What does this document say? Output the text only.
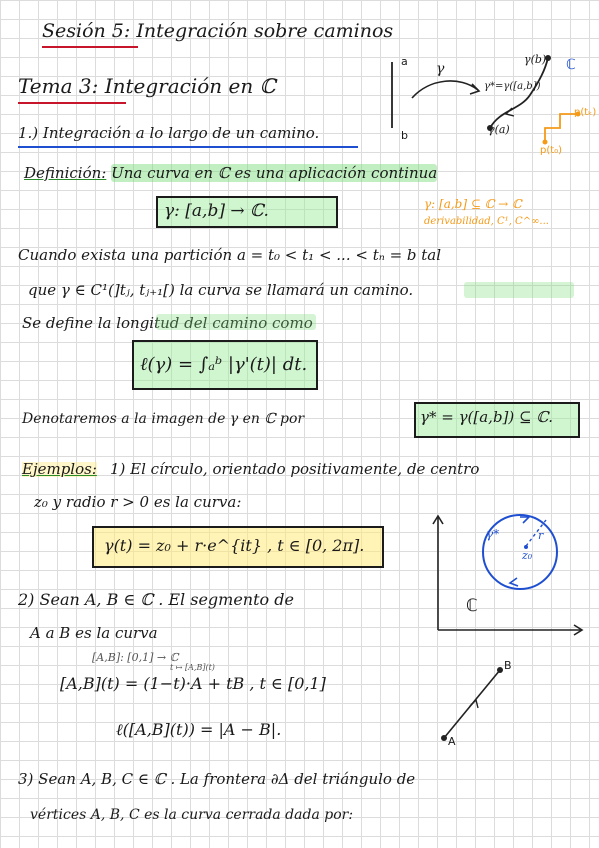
Sesión 5: Integración sobre caminos
Tema 3: Integración en ℂ
a
b
γ
γ(b) ℂ
γ*=γ([a,b])
γ(a)
p(tₖ)
p(t₀)
1.) Integración a lo largo de un camino.
Definición: Una curva en ℂ es una aplicación continua
γ: [a,b] → ℂ.	γ: [a,b] ⊆ ℂ → ℂ
derivabilidad, C¹, C^∞...
Cuando exista una partición a = t₀ < t₁ < ... < tₙ = b tal
que γ ∈ C¹(]tⱼ, tⱼ₊₁[) la curva se llamará un camino.
Se define la longitud del camino como
ℓ(γ) = ∫ₐᵇ |γ'(t)| dt.
Denotaremos a la imagen de γ en ℂ por	γ* = γ([a,b]) ⊆ ℂ.
Ejemplos: 1) El círculo, orientado positivamente, de centro
z₀ y radio r > 0 es la curva:
γ(t) = z₀ + r·e^{it} , t ∈ [0, 2π].
γ*	r
z₀
ℂ
2) Sean A, B ∈ ℂ . El segmento de
A a B es la curva
[A,B]: [0,1] → ℂ
t ↦ [A,B](t)
[A,B](t) = (1−t)·A + tB , t ∈ [0,1]
ℓ([A,B](t)) = |A − B|.
A
B
3) Sean A, B, C ∈ ℂ . La frontera ∂Δ del triángulo de
vértices A, B, C es la curva cerrada dada por:
